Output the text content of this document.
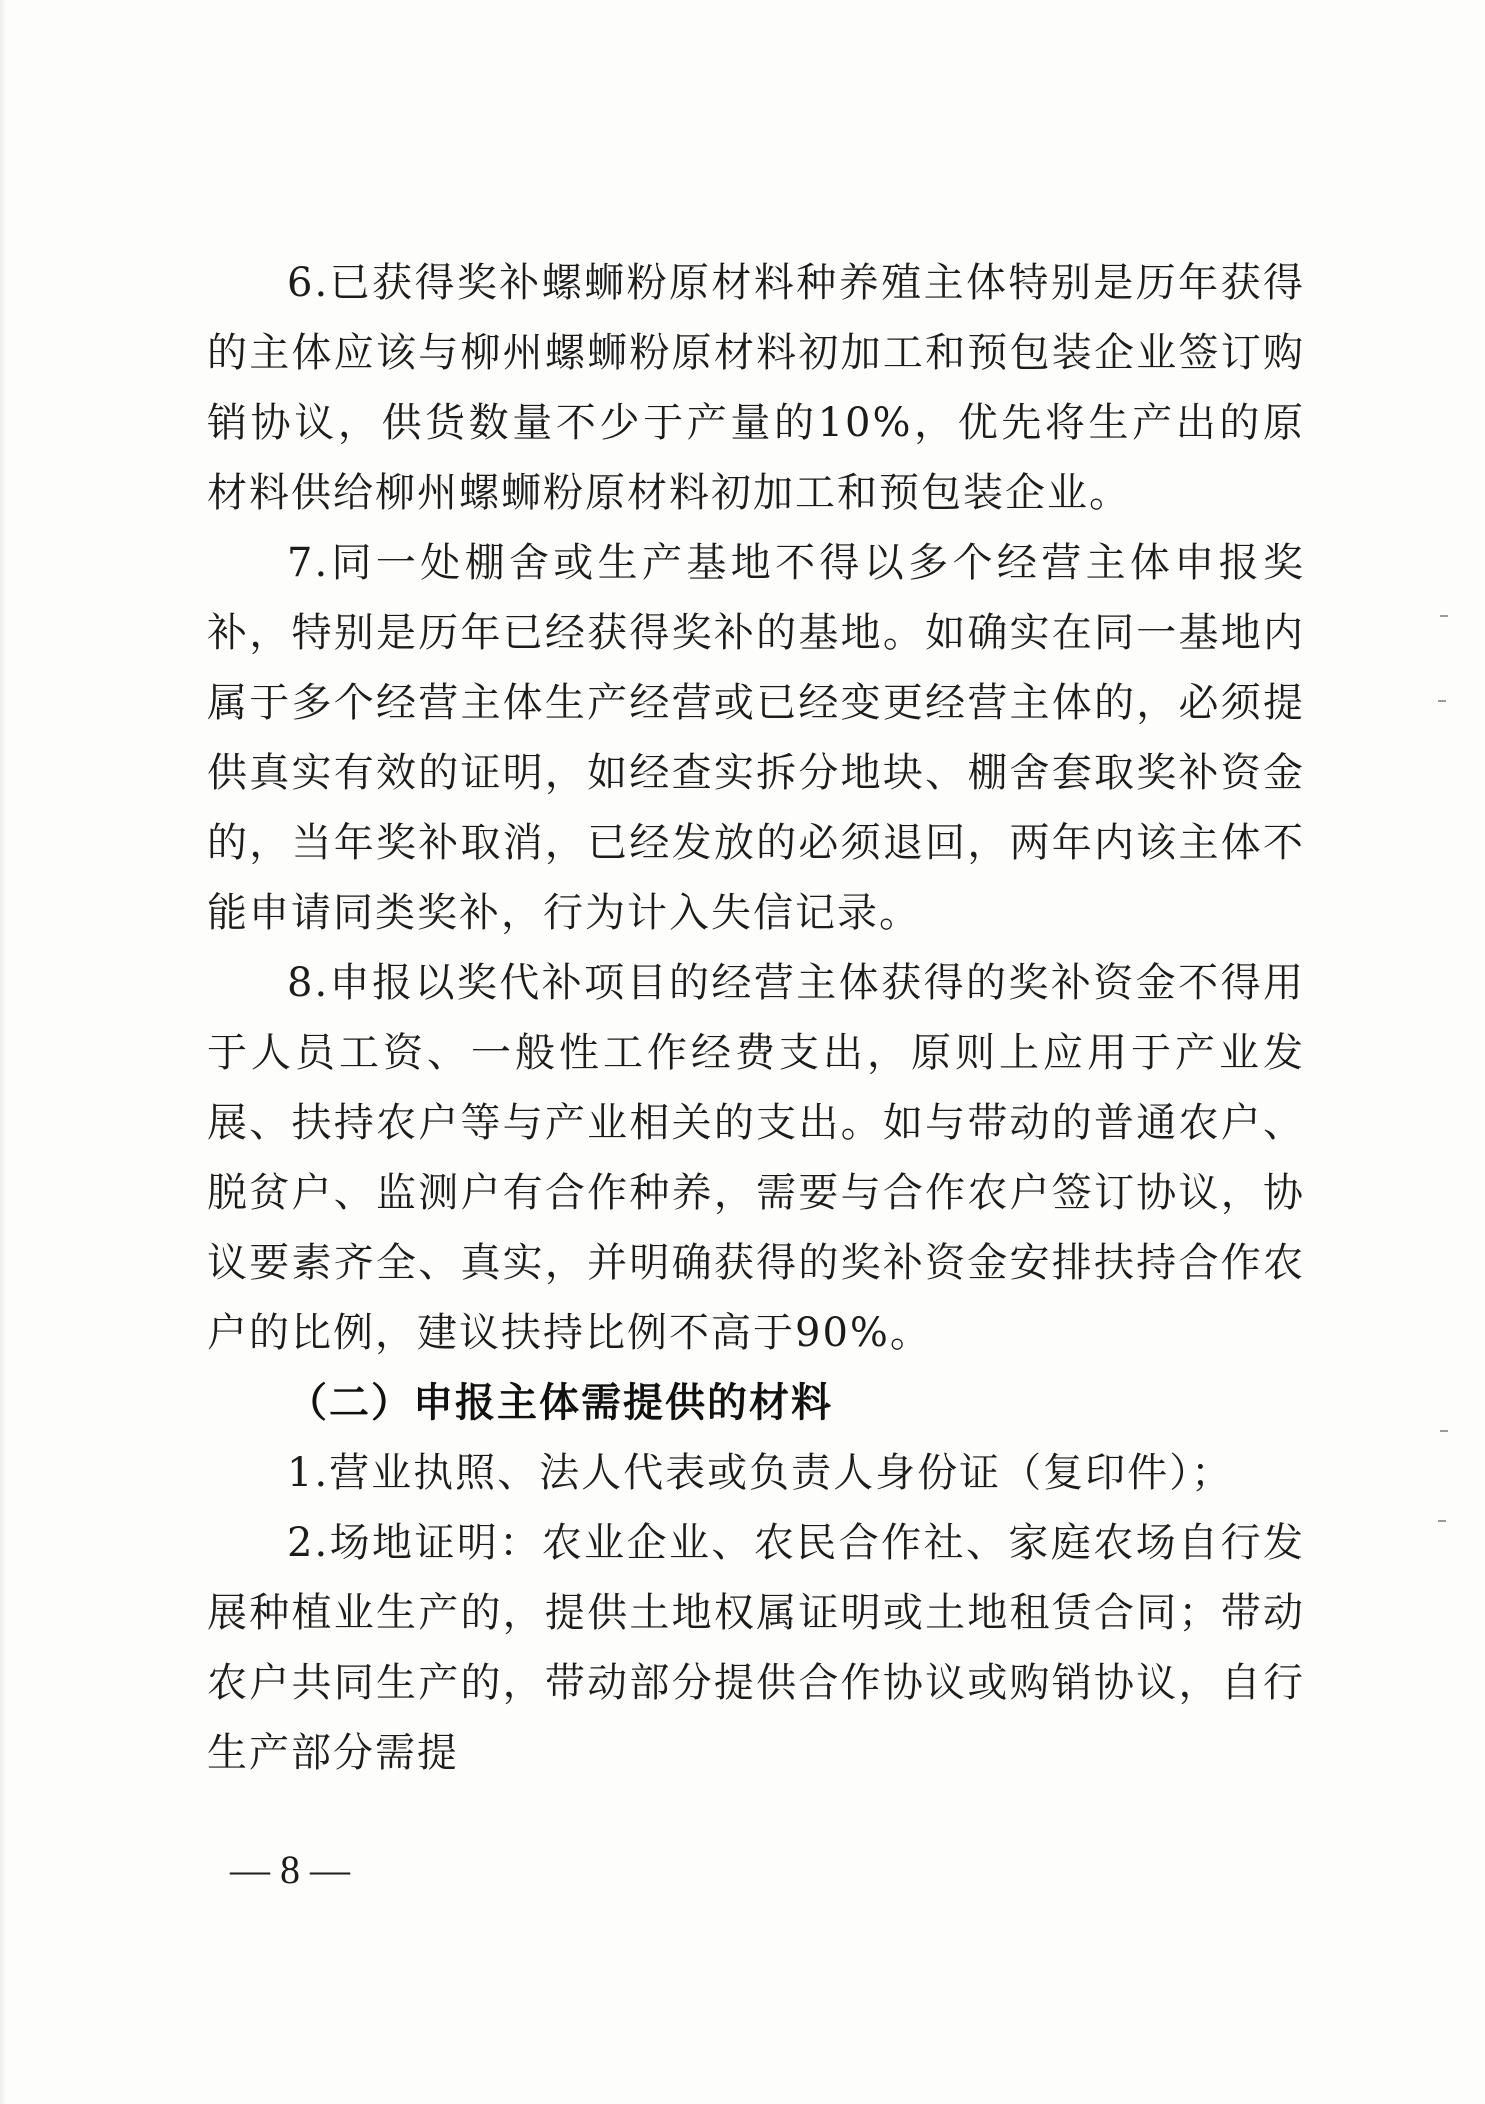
6.已获得奖补螺蛳粉原材料种养殖主体特别是历年获得的主体应该与柳州螺蛳粉原材料初加工和预包装企业签订购销协议，供货数量不少于产量的10%，优先将生产出的原材料供给柳州螺蛳粉原材料初加工和预包装企业。

7.同一处棚舍或生产基地不得以多个经营主体申报奖补，特别是历年已经获得奖补的基地。如确实在同一基地内属于多个经营主体生产经营或已经变更经营主体的，必须提供真实有效的证明，如经查实拆分地块、棚舍套取奖补资金的，当年奖补取消，已经发放的必须退回，两年内该主体不能申请同类奖补，行为计入失信记录。

8.申报以奖代补项目的经营主体获得的奖补资金不得用于人员工资、一般性工作经费支出，原则上应用于产业发展、扶持农户等与产业相关的支出。如与带动的普通农户、脱贫户、监测户有合作种养，需要与合作农户签订协议，协议要素齐全、真实，并明确获得的奖补资金安排扶持合作农户的比例，建议扶持比例不高于90%。

（二）申报主体需提供的材料

1.营业执照、法人代表或负责人身份证（复印件）；

2.场地证明：农业企业、农民合作社、家庭农场自行发展种植业生产的，提供土地权属证明或土地租赁合同；带动农户共同生产的，带动部分提供合作协议或购销协议，自行生产部分需提

— 8 —
